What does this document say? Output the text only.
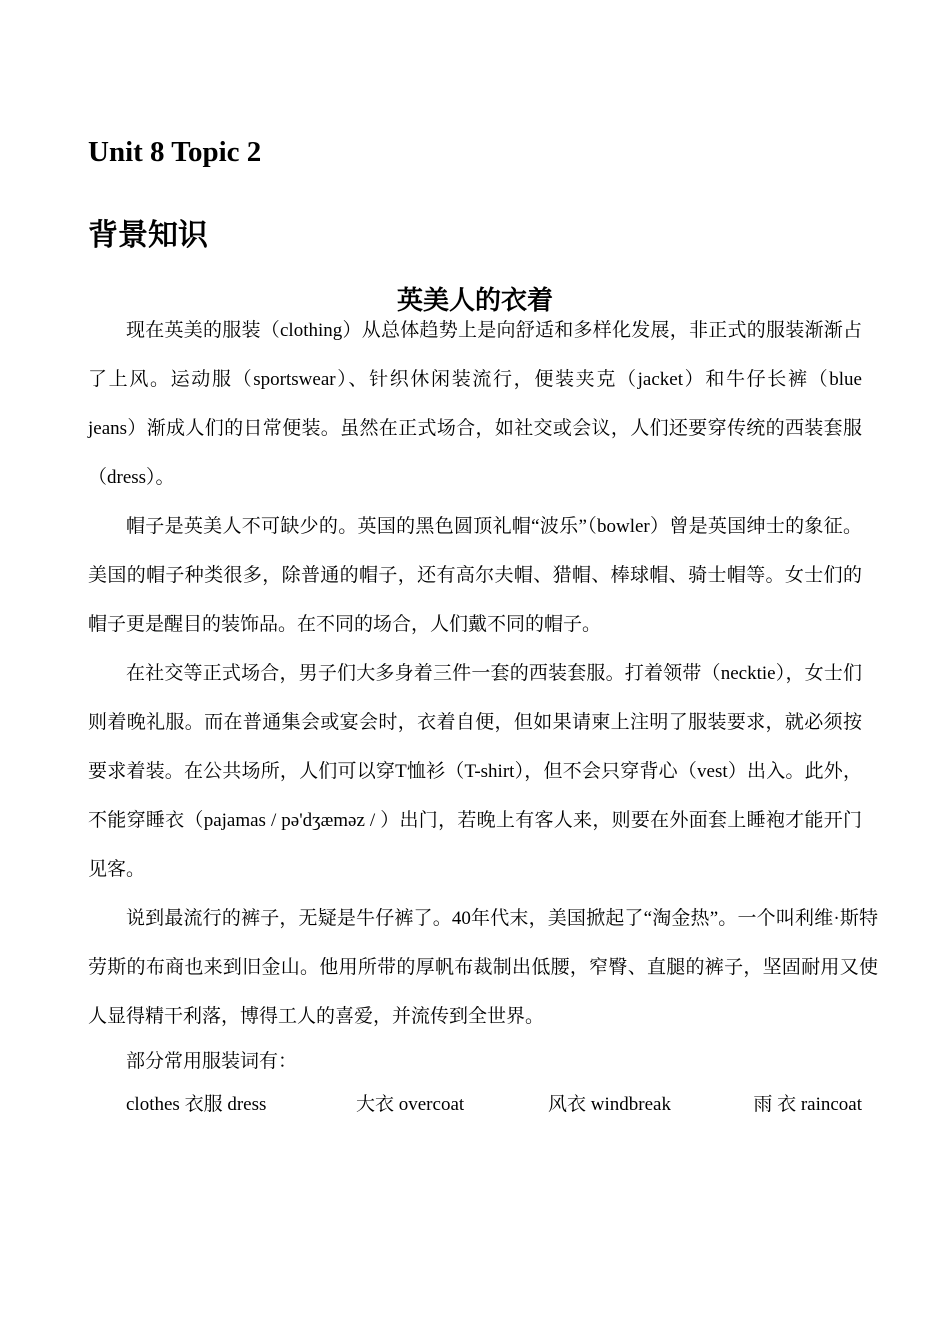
Unit 8 Topic 2
背景知识
英美人的衣着

现在英美的服装（clothing）从总体趋势上是向舒适和多样化发展，非正式的服装渐渐占了上风。运动服（sportswear）、针织休闲装流行，便装夹克（jacket）和牛仔长裤（blue jeans）渐成人们的日常便装。虽然在正式场合，如社交或会议，人们还要穿传统的西装套服（dress）。

帽子是英美人不可缺少的。英国的黑色圆顶礼帽“波乐”（bowler）曾是英国绅士的象征。美国的帽子种类很多，除普通的帽子，还有高尔夫帽、猎帽、棒球帽、骑士帽等。女士们的帽子更是醒目的装饰品。在不同的场合，人们戴不同的帽子。

在社交等正式场合，男子们大多身着三件一套的西装套服。打着领带（necktie），女士们则着晚礼服。而在普通集会或宴会时，衣着自便，但如果请柬上注明了服装要求，就必须按要求着装。在公共场所，人们可以穿T恤衫（T-shirt），但不会只穿背心（vest）出入。此外，不能穿睡衣（pajamas / pə'dʒæməz / ）出门，若晚上有客人来，则要在外面套上睡袍才能开门见客。

说到最流行的裤子，无疑是牛仔裤了。40年代末，美国掀起了“淘金热”。一个叫利维·斯特劳斯的布商也来到旧金山。他用所带的厚帆布裁制出低腰，窄臀、直腿的裤子，坚固耐用又使人显得精干利落，博得工人的喜爱，并流传到全世界。

部分常用服装词有：

clothes 衣服 dress	大衣 overcoat	风衣 windbreak	雨 衣 raincoat
